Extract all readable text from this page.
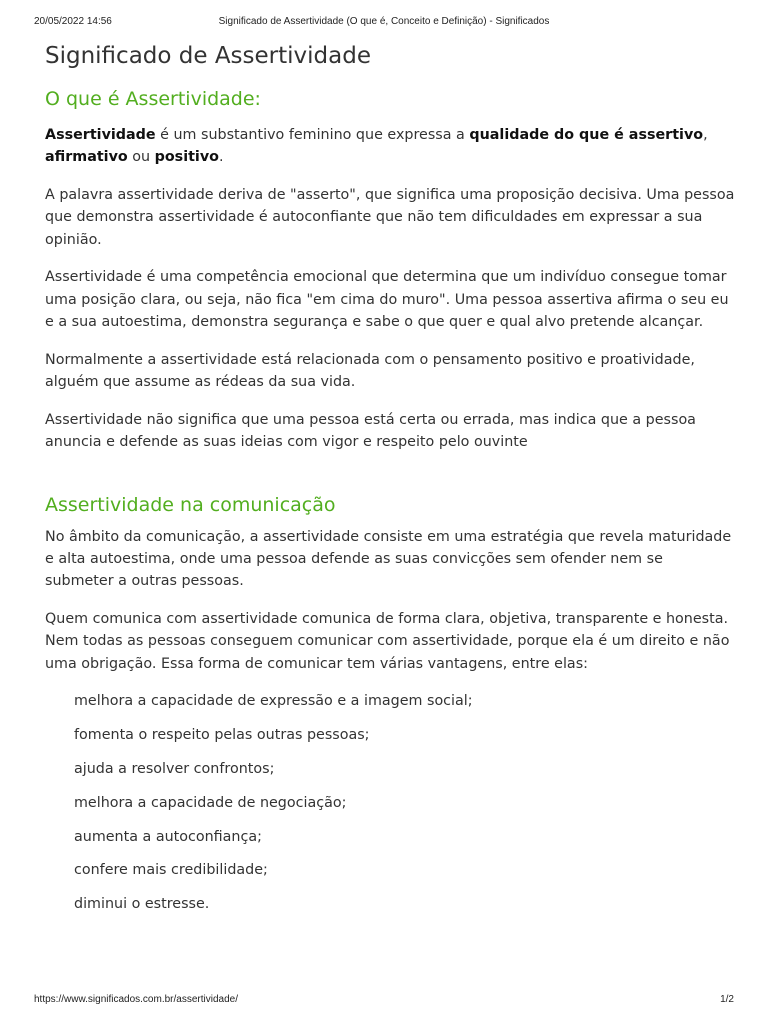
20/05/2022 14:56	Significado de Assertividade (O que é, Conceito e Definição) - Significados
Significado de Assertividade
O que é Assertividade:

Assertividade é um substantivo feminino que expressa a qualidade do que é assertivo, afirmativo ou positivo.

A palavra assertividade deriva de "asserto", que significa uma proposição decisiva. Uma pessoa que demonstra assertividade é autoconfiante que não tem dificuldades em expressar a sua opinião.

Assertividade é uma competência emocional que determina que um indivíduo consegue tomar uma posição clara, ou seja, não fica "em cima do muro". Uma pessoa assertiva afirma o seu eu e a sua autoestima, demonstra segurança e sabe o que quer e qual alvo pretende alcançar.

Normalmente a assertividade está relacionada com o pensamento positivo e proatividade, alguém que assume as rédeas da sua vida.

Assertividade não significa que uma pessoa está certa ou errada, mas indica que a pessoa anuncia e defende as suas ideias com vigor e respeito pelo ouvinte

Assertividade na comunicação

No âmbito da comunicação, a assertividade consiste em uma estratégia que revela maturidade e alta autoestima, onde uma pessoa defende as suas convicções sem ofender nem se submeter a outras pessoas.

Quem comunica com assertividade comunica de forma clara, objetiva, transparente e honesta. Nem todas as pessoas conseguem comunicar com assertividade, porque ela é um direito e não uma obrigação. Essa forma de comunicar tem várias vantagens, entre elas:

melhora a capacidade de expressão e a imagem social;
fomenta o respeito pelas outras pessoas;
ajuda a resolver confrontos;
melhora a capacidade de negociação;
aumenta a autoconfiança;
confere mais credibilidade;
diminui o estresse.
https://www.significados.com.br/assertividade/	1/2
